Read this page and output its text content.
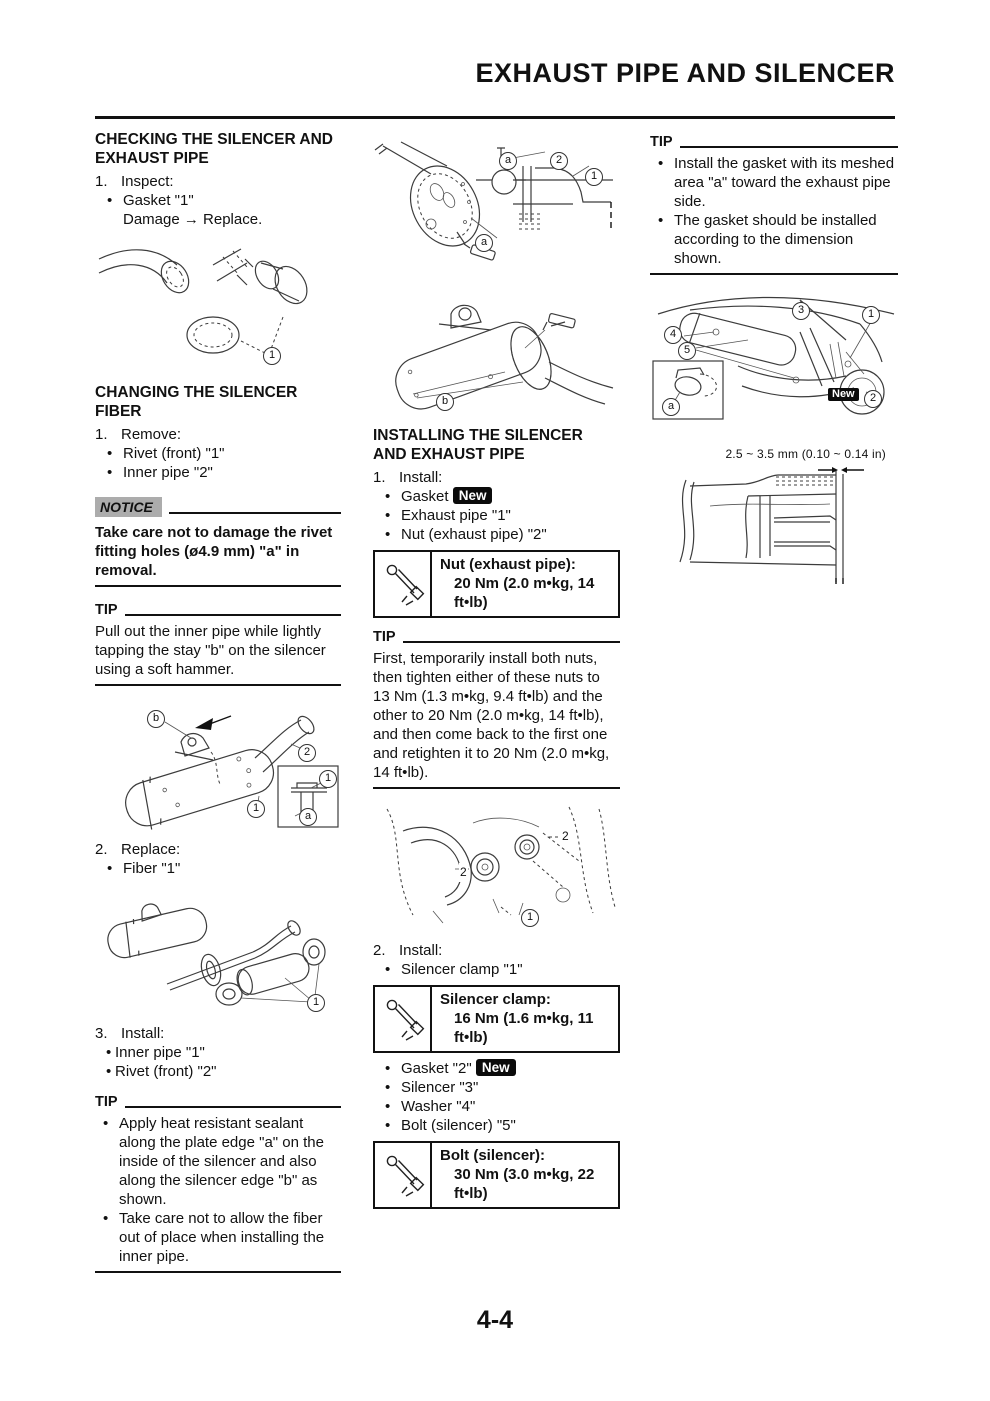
EXHAUST PIPE AND SILENCER
CHECKING THE SILENCER AND EXHAUST PIPE
1. Inspect:
• Gasket "1"
Damage → Replace.
1
CHANGING THE SILENCER FIBER
1. Remove:
• Rivet (front) "1"
• Inner pipe "2"
NOTICE
Take care not to damage the rivet fitting holes (ø4.9 mm) "a" in removal.
TIP
Pull out the inner pipe while lightly tapping the stay "b" on the silencer using a soft hammer.
b
2
1
1
a
2. Replace:
• Fiber "1"
1
3. Install:
• Inner pipe "1"
• Rivet (front) "2"
TIP
• Apply heat resistant sealant along the plate edge "a" on the inside of the silencer and also along the silencer edge "b" as shown.
• Take care not to allow the fiber out of place when installing the inner pipe.
a	2
1
a
b
INSTALLING THE SILENCER AND EXHAUST PIPE
1. Install:
• Gasket New
• Exhaust pipe "1"
• Nut (exhaust pipe) "2"
Nut (exhaust pipe):
20 Nm (2.0 m•kg, 14 ft•lb)
TIP
First, temporarily install both nuts, then tighten either of these nuts to 13 Nm (1.3 m•kg, 9.4 ft•lb) and the other to 20 Nm (2.0 m•kg, 14 ft•lb), and then come back to the first one and retighten it to 20 Nm (2.0 m•kg, 14 ft•lb).
2
2
1
2. Install:
• Silencer clamp "1"
Silencer clamp:
16 Nm (1.6 m•kg, 11 ft•lb)
• Gasket "2" New
• Silencer "3"
• Washer "4"
• Bolt (silencer) "5"
Bolt (silencer):
30 Nm (3.0 m•kg, 22 ft•lb)
TIP
• Install the gasket with its meshed area "a" toward the exhaust pipe side.
• The gasket should be installed according to the dimension shown.
4
5
3	1
2
a
New
2.5 ~ 3.5 mm (0.10 ~ 0.14 in)
4-4
